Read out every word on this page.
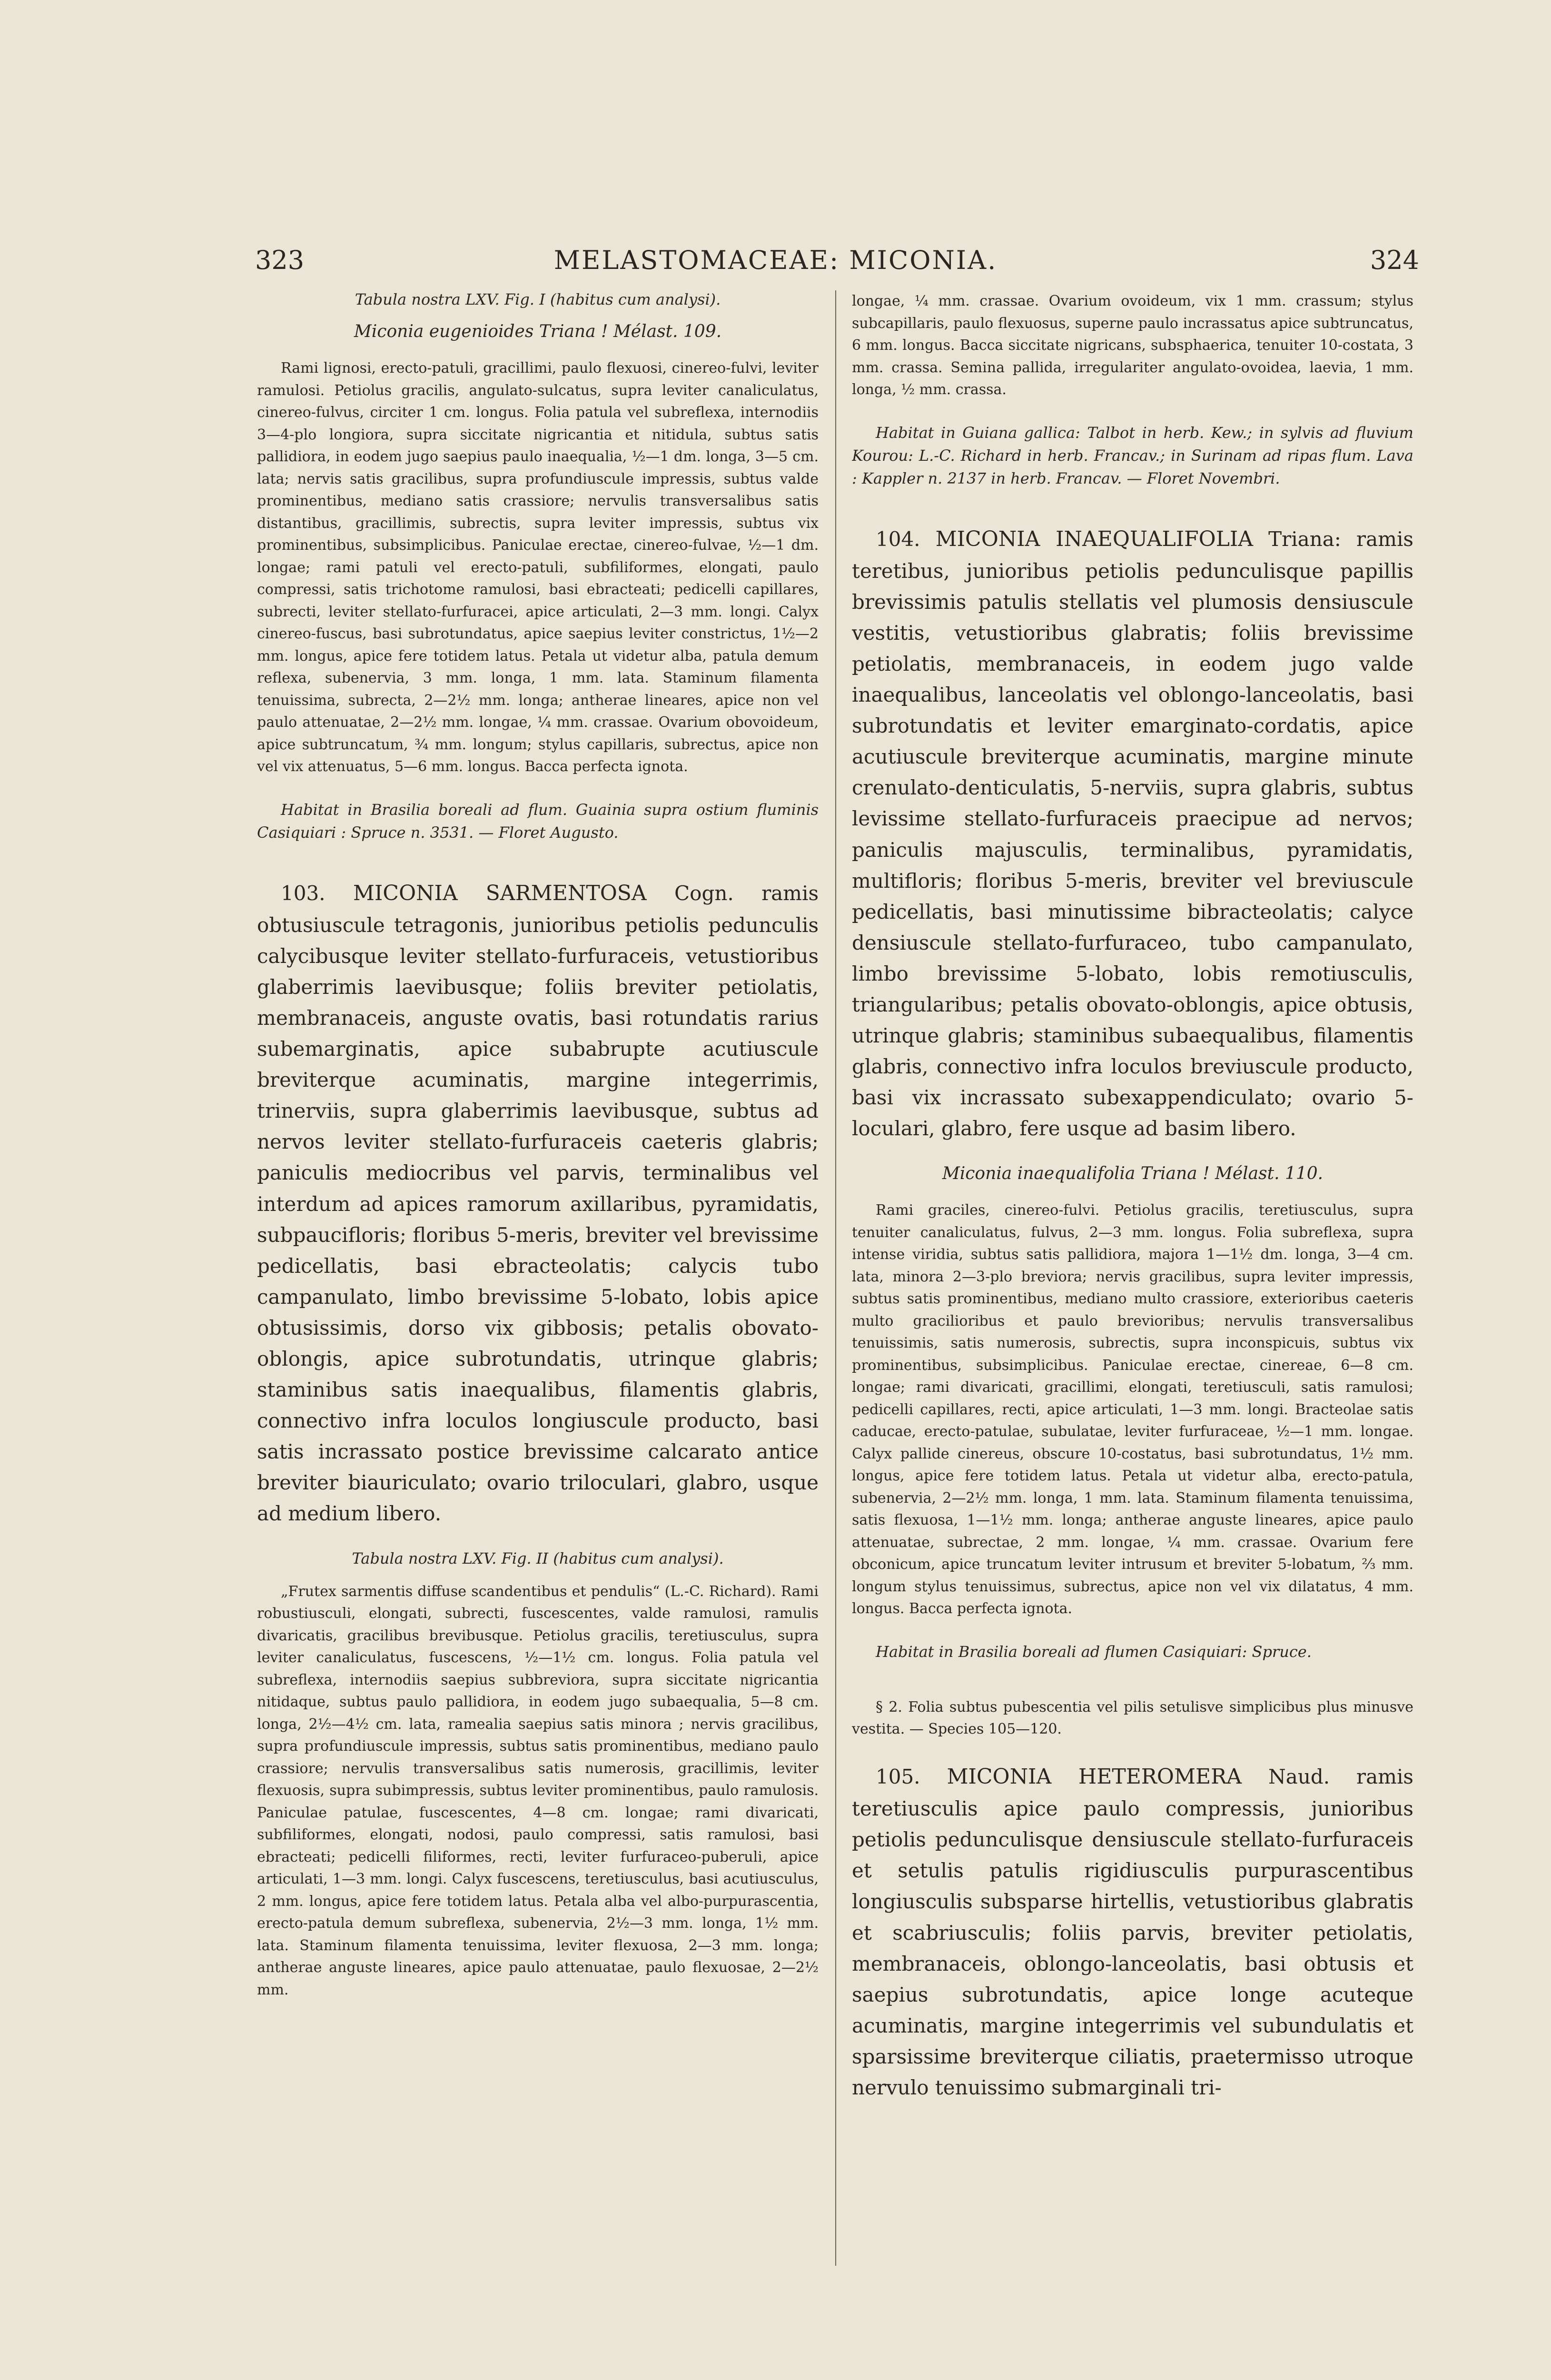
323	MELASTOMACEAE: MICONIA.	324

Tabula nostra LXV. Fig. I (habitus cum analysi).

Miconia eugenioides Triana ! Mélast. 109.

Rami lignosi, erecto-patuli, gracillimi, paulo flexuosi, cinereo-fulvi, leviter ramulosi. Petiolus gracilis, angulato-sulcatus, supra leviter canaliculatus, cinereo-fulvus, circiter 1 cm. longus. Folia patula vel subreflexa, internodiis 3—4-plo longiora, supra siccitate nigricantia et nitidula, subtus satis pallidiora, in eodem jugo saepius paulo inaequalia, ½—1 dm. longa, 3—5 cm. lata; nervis satis gracilibus, supra profundiuscule impressis, subtus valde prominentibus, mediano satis crassiore; nervulis transversalibus satis distantibus, gracillimis, subrectis, supra leviter impressis, subtus vix prominentibus, subsimplicibus. Paniculae erectae, cinereo-fulvae, ½—1 dm. longae; rami patuli vel erecto-patuli, subfiliformes, elongati, paulo compressi, satis trichotome ramulosi, basi ebracteati; pedicelli capillares, subrecti, leviter stellato-furfuracei, apice articulati, 2—3 mm. longi. Calyx cinereo-fuscus, basi subrotundatus, apice saepius leviter constrictus, 1½—2 mm. longus, apice fere totidem latus. Petala ut videtur alba, patula demum reflexa, subenervia, 3 mm. longa, 1 mm. lata. Staminum filamenta tenuissima, subrecta, 2—2½ mm. longa; antherae lineares, apice non vel paulo attenuatae, 2—2½ mm. longae, ¼ mm. crassae. Ovarium obovoideum, apice subtruncatum, ¾ mm. longum; stylus capillaris, subrectus, apice non vel vix attenuatus, 5—6 mm. longus. Bacca perfecta ignota.

Habitat in Brasilia boreali ad flum. Guainia supra ostium fluminis Casiquiari : Spruce n. 3531. — Floret Augusto.

103. MICONIA SARMENTOSA Cogn. ramis obtusiuscule tetragonis, junioribus petiolis pedunculis calycibusque leviter stellato-furfuraceis, vetustioribus glaberrimis laevibusque; foliis breviter petiolatis, membranaceis, anguste ovatis, basi rotundatis rarius subemarginatis, apice subabrupte acutiuscule breviterque acuminatis, margine integerrimis, trinerviis, supra glaberrimis laevibusque, subtus ad nervos leviter stellato-furfuraceis caeteris glabris; paniculis mediocribus vel parvis, terminalibus vel interdum ad apices ramorum axillaribus, pyramidatis, subpaucifloris; floribus 5-meris, breviter vel brevissime pedicellatis, basi ebracteolatis; calycis tubo campanulato, limbo brevissime 5-lobato, lobis apice obtusissimis, dorso vix gibbosis; petalis obovato-oblongis, apice subrotundatis, utrinque glabris; staminibus satis inaequalibus, filamentis glabris, connectivo infra loculos longiuscule producto, basi satis incrassato postice brevissime calcarato antice breviter biauriculato; ovario triloculari, glabro, usque ad medium libero.

Tabula nostra LXV. Fig. II (habitus cum analysi).

„Frutex sarmentis diffuse scandentibus et pendulis“ (L.-C. Richard). Rami robustiusculi, elongati, subrecti, fuscescentes, valde ramulosi, ramulis divaricatis, gracilibus brevibusque. Petiolus gracilis, teretiusculus, supra leviter canaliculatus, fuscescens, ½—1½ cm. longus. Folia patula vel subreflexa, internodiis saepius subbreviora, supra siccitate nigricantia nitidaque, subtus paulo pallidiora, in eodem jugo subaequalia, 5—8 cm. longa, 2½—4½ cm. lata, ramealia saepius satis minora ; nervis gracilibus, supra profundiuscule impressis, subtus satis prominentibus, mediano paulo crassiore; nervulis transversalibus satis numerosis, gracillimis, leviter flexuosis, supra subimpressis, subtus leviter prominentibus, paulo ramulosis. Paniculae patulae, fuscescentes, 4—8 cm. longae; rami divaricati, subfiliformes, elongati, nodosi, paulo compressi, satis ramulosi, basi ebracteati; pedicelli filiformes, recti, leviter furfuraceo-puberuli, apice articulati, 1—3 mm. longi. Calyx fuscescens, teretiusculus, basi acutiusculus, 2 mm. longus, apice fere totidem latus. Petala alba vel albo-purpurascentia, erecto-patula demum subreflexa, subenervia, 2½—3 mm. longa, 1½ mm. lata. Staminum filamenta tenuissima, leviter flexuosa, 2—3 mm. longa; antherae anguste lineares, apice paulo attenuatae, paulo flexuosae, 2—2½ mm.

longae, ¼ mm. crassae. Ovarium ovoideum, vix 1 mm. crassum; stylus subcapillaris, paulo flexuosus, superne paulo incrassatus apice subtruncatus, 6 mm. longus. Bacca siccitate nigricans, subsphaerica, tenuiter 10-costata, 3 mm. crassa. Semina pallida, irregulariter angulato-ovoidea, laevia, 1 mm. longa, ½ mm. crassa.

Habitat in Guiana gallica: Talbot in herb. Kew.; in sylvis ad fluvium Kourou: L.-C. Richard in herb. Francav.; in Surinam ad ripas flum. Lava : Kappler n. 2137 in herb. Francav. — Floret Novembri.

104. MICONIA INAEQUALIFOLIA Triana: ramis teretibus, junioribus petiolis pedunculisque papillis brevissimis patulis stellatis vel plumosis densiuscule vestitis, vetustioribus glabratis; foliis brevissime petiolatis, membranaceis, in eodem jugo valde inaequalibus, lanceolatis vel oblongo-lanceolatis, basi subrotundatis et leviter emarginato-cordatis, apice acutiuscule breviterque acuminatis, margine minute crenulato-denticulatis, 5-nerviis, supra glabris, subtus levissime stellato-furfuraceis praecipue ad nervos; paniculis majusculis, terminalibus, pyramidatis, multifloris; floribus 5-meris, breviter vel breviuscule pedicellatis, basi minutissime bibracteolatis; calyce densiuscule stellato-furfuraceo, tubo campanulato, limbo brevissime 5-lobato, lobis remotiusculis, triangularibus; petalis obovato-oblongis, apice obtusis, utrinque glabris; staminibus subaequalibus, filamentis glabris, connectivo infra loculos breviuscule producto, basi vix incrassato subexappendiculato; ovario 5-loculari, glabro, fere usque ad basim libero.

Miconia inaequalifolia Triana ! Mélast. 110.

Rami graciles, cinereo-fulvi. Petiolus gracilis, teretiusculus, supra tenuiter canaliculatus, fulvus, 2—3 mm. longus. Folia subreflexa, supra intense viridia, subtus satis pallidiora, majora 1—1½ dm. longa, 3—4 cm. lata, minora 2—3-plo breviora; nervis gracilibus, supra leviter impressis, subtus satis prominentibus, mediano multo crassiore, exterioribus caeteris multo gracilioribus et paulo brevioribus; nervulis transversalibus tenuissimis, satis numerosis, subrectis, supra inconspicuis, subtus vix prominentibus, subsimplicibus. Paniculae erectae, cinereae, 6—8 cm. longae; rami divaricati, gracillimi, elongati, teretiusculi, satis ramulosi; pedicelli capillares, recti, apice articulati, 1—3 mm. longi. Bracteolae satis caducae, erecto-patulae, subulatae, leviter furfuraceae, ½—1 mm. longae. Calyx pallide cinereus, obscure 10-costatus, basi subrotundatus, 1½ mm. longus, apice fere totidem latus. Petala ut videtur alba, erecto-patula, subenervia, 2—2½ mm. longa, 1 mm. lata. Staminum filamenta tenuissima, satis flexuosa, 1—1½ mm. longa; antherae anguste lineares, apice paulo attenuatae, subrectae, 2 mm. longae, ¼ mm. crassae. Ovarium fere obconicum, apice truncatum leviter intrusum et breviter 5-lobatum, ⅔ mm. longum stylus tenuissimus, subrectus, apice non vel vix dilatatus, 4 mm. longus. Bacca perfecta ignota.

Habitat in Brasilia boreali ad flumen Casiquiari: Spruce.

§ 2. Folia subtus pubescentia vel pilis setulisve simplicibus plus minusve vestita. — Species 105—120.

105. MICONIA HETEROMERA Naud. ramis teretiusculis apice paulo compressis, junioribus petiolis pedunculisque densiuscule stellato-furfuraceis et setulis patulis rigidiusculis purpurascentibus longiusculis subsparse hirtellis, vetustioribus glabratis et scabriusculis; foliis parvis, breviter petiolatis, membranaceis, oblongo-lanceolatis, basi obtusis et saepius subrotundatis, apice longe acuteque acuminatis, margine integerrimis vel subundulatis et sparsissime breviterque ciliatis, praetermisso utroque nervulo tenuissimo submarginali tri-
